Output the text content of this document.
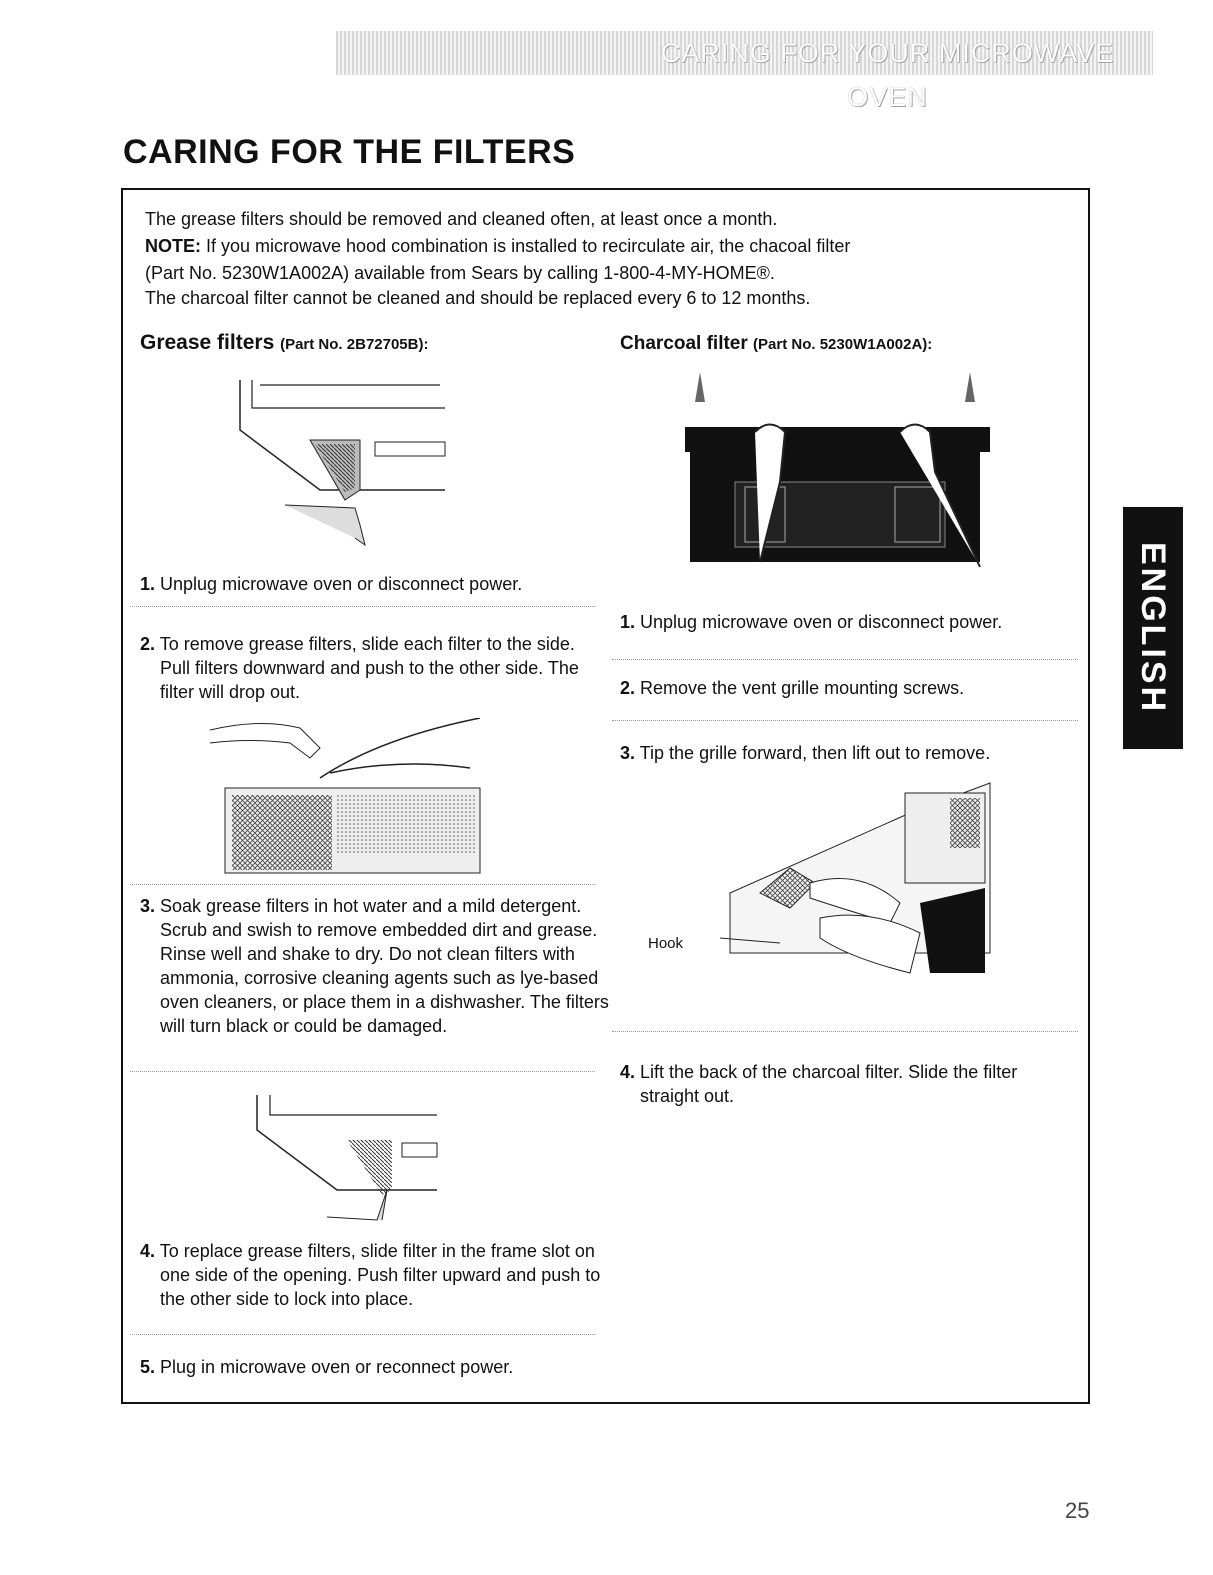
CARING FOR YOUR MICROWAVE OVEN
CARING FOR THE FILTERS
The grease filters should be removed and cleaned often, at least once a month.
NOTE: If you microwave hood combination is installed to recirculate air, the chacoal filter
(Part No. 5230W1A002A) available from Sears by calling 1-800-4-MY-HOME®.
The charcoal filter cannot be cleaned and should be replaced every 6 to 12 months.
Grease filters (Part No. 2B72705B):	Charcoal filter (Part No. 5230W1A002A):
Hook
1. Unplug microwave oven or disconnect power.
2. To remove grease filters, slide each filter to the side. Pull filters downward and push to the other side. The filter will drop out.
3. Soak grease filters in hot water and a mild detergent. Scrub and swish to remove embedded dirt and grease. Rinse well and shake to dry. Do not clean filters with ammonia, corrosive cleaning agents such as lye-based oven cleaners, or place them in a dishwasher. The filters will turn black or could be damaged.
4. To replace grease filters, slide filter in the frame slot on one side of the opening. Push filter upward and push to the other side to lock into place.
5. Plug in microwave oven or reconnect power.
1. Unplug microwave oven or disconnect power.
2. Remove the vent grille mounting screws.
3. Tip the grille forward, then lift out to remove.
4. Lift the back of the charcoal filter. Slide the filter straight out.
ENGLISH
25
